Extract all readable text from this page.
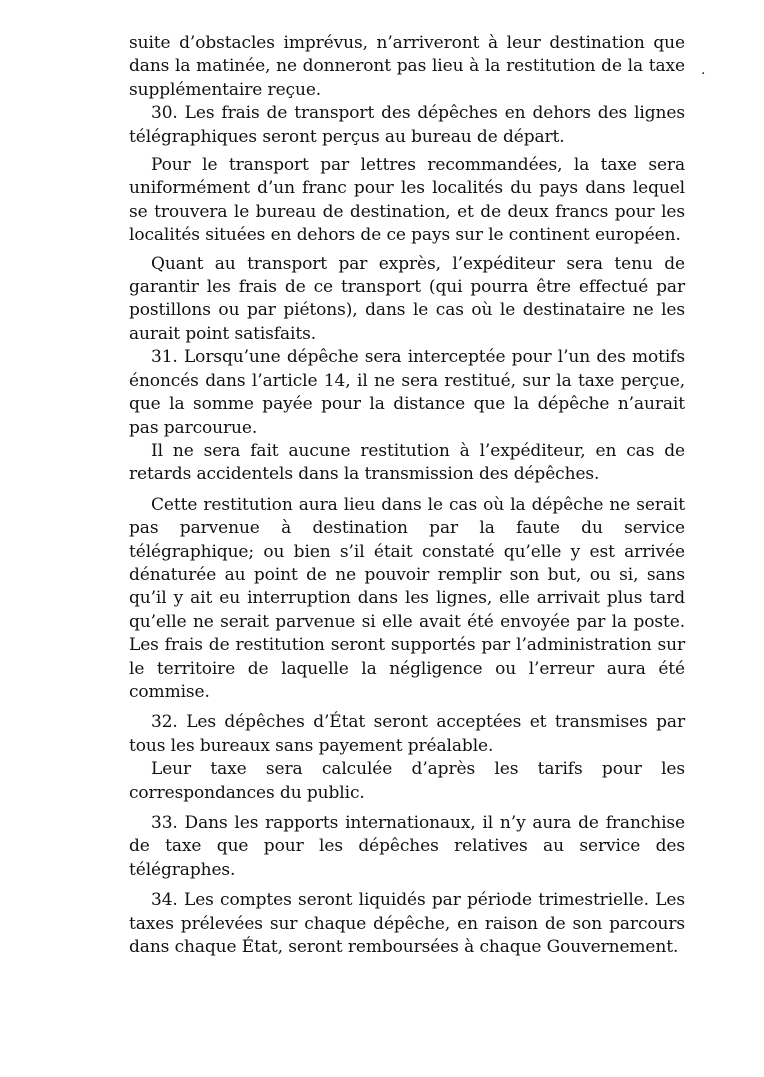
suite d’obstacles imprévus, n’arriveront à leur destination que dans la matinée, ne donneront pas lieu à la restitution de la taxe supplémentaire reçue.

30. Les frais de transport des dépêches en dehors des lignes télégraphiques seront perçus au bureau de départ.

Pour le transport par lettres recommandées, la taxe sera uniformément d’un franc pour les localités du pays dans lequel se trouvera le bureau de destination, et de deux francs pour les localités situées en dehors de ce pays sur le continent européen.

Quant au transport par exprès, l’expéditeur sera tenu de garantir les frais de ce transport (qui pourra être effectué par postillons ou par piétons), dans le cas où le destinataire ne les aurait point satisfaits.

31. Lorsqu’une dépêche sera interceptée pour l’un des motifs énoncés dans l’article 14, il ne sera restitué, sur la taxe perçue, que la somme payée pour la distance que la dépêche n’aurait pas parcourue.

Il ne sera fait aucune restitution à l’expéditeur, en cas de retards accidentels dans la transmission des dépêches.

Cette restitution aura lieu dans le cas où la dépêche ne serait pas parvenue à destination par la faute du service télégraphique; ou bien s’il était constaté qu’elle y est arrivée dénaturée au point de ne pouvoir remplir son but, ou si, sans qu’il y ait eu interruption dans les lignes, elle arrivait plus tard qu’elle ne serait parvenue si elle avait été envoyée par la poste. Les frais de restitution seront supportés par l’administration sur le territoire de laquelle la négligence ou l’erreur aura été commise.

32. Les dépêches d’État seront acceptées et transmises par tous les bureaux sans payement préalable.

Leur taxe sera calculée d’après les tarifs pour les correspondances du public.

33. Dans les rapports internationaux, il n’y aura de franchise de taxe que pour les dépêches relatives au service des télégraphes.

34. Les comptes seront liquidés par période trimestrielle. Les taxes prélevées sur chaque dépêche, en raison de son parcours dans chaque État, seront remboursées à chaque Gouvernement.

.
